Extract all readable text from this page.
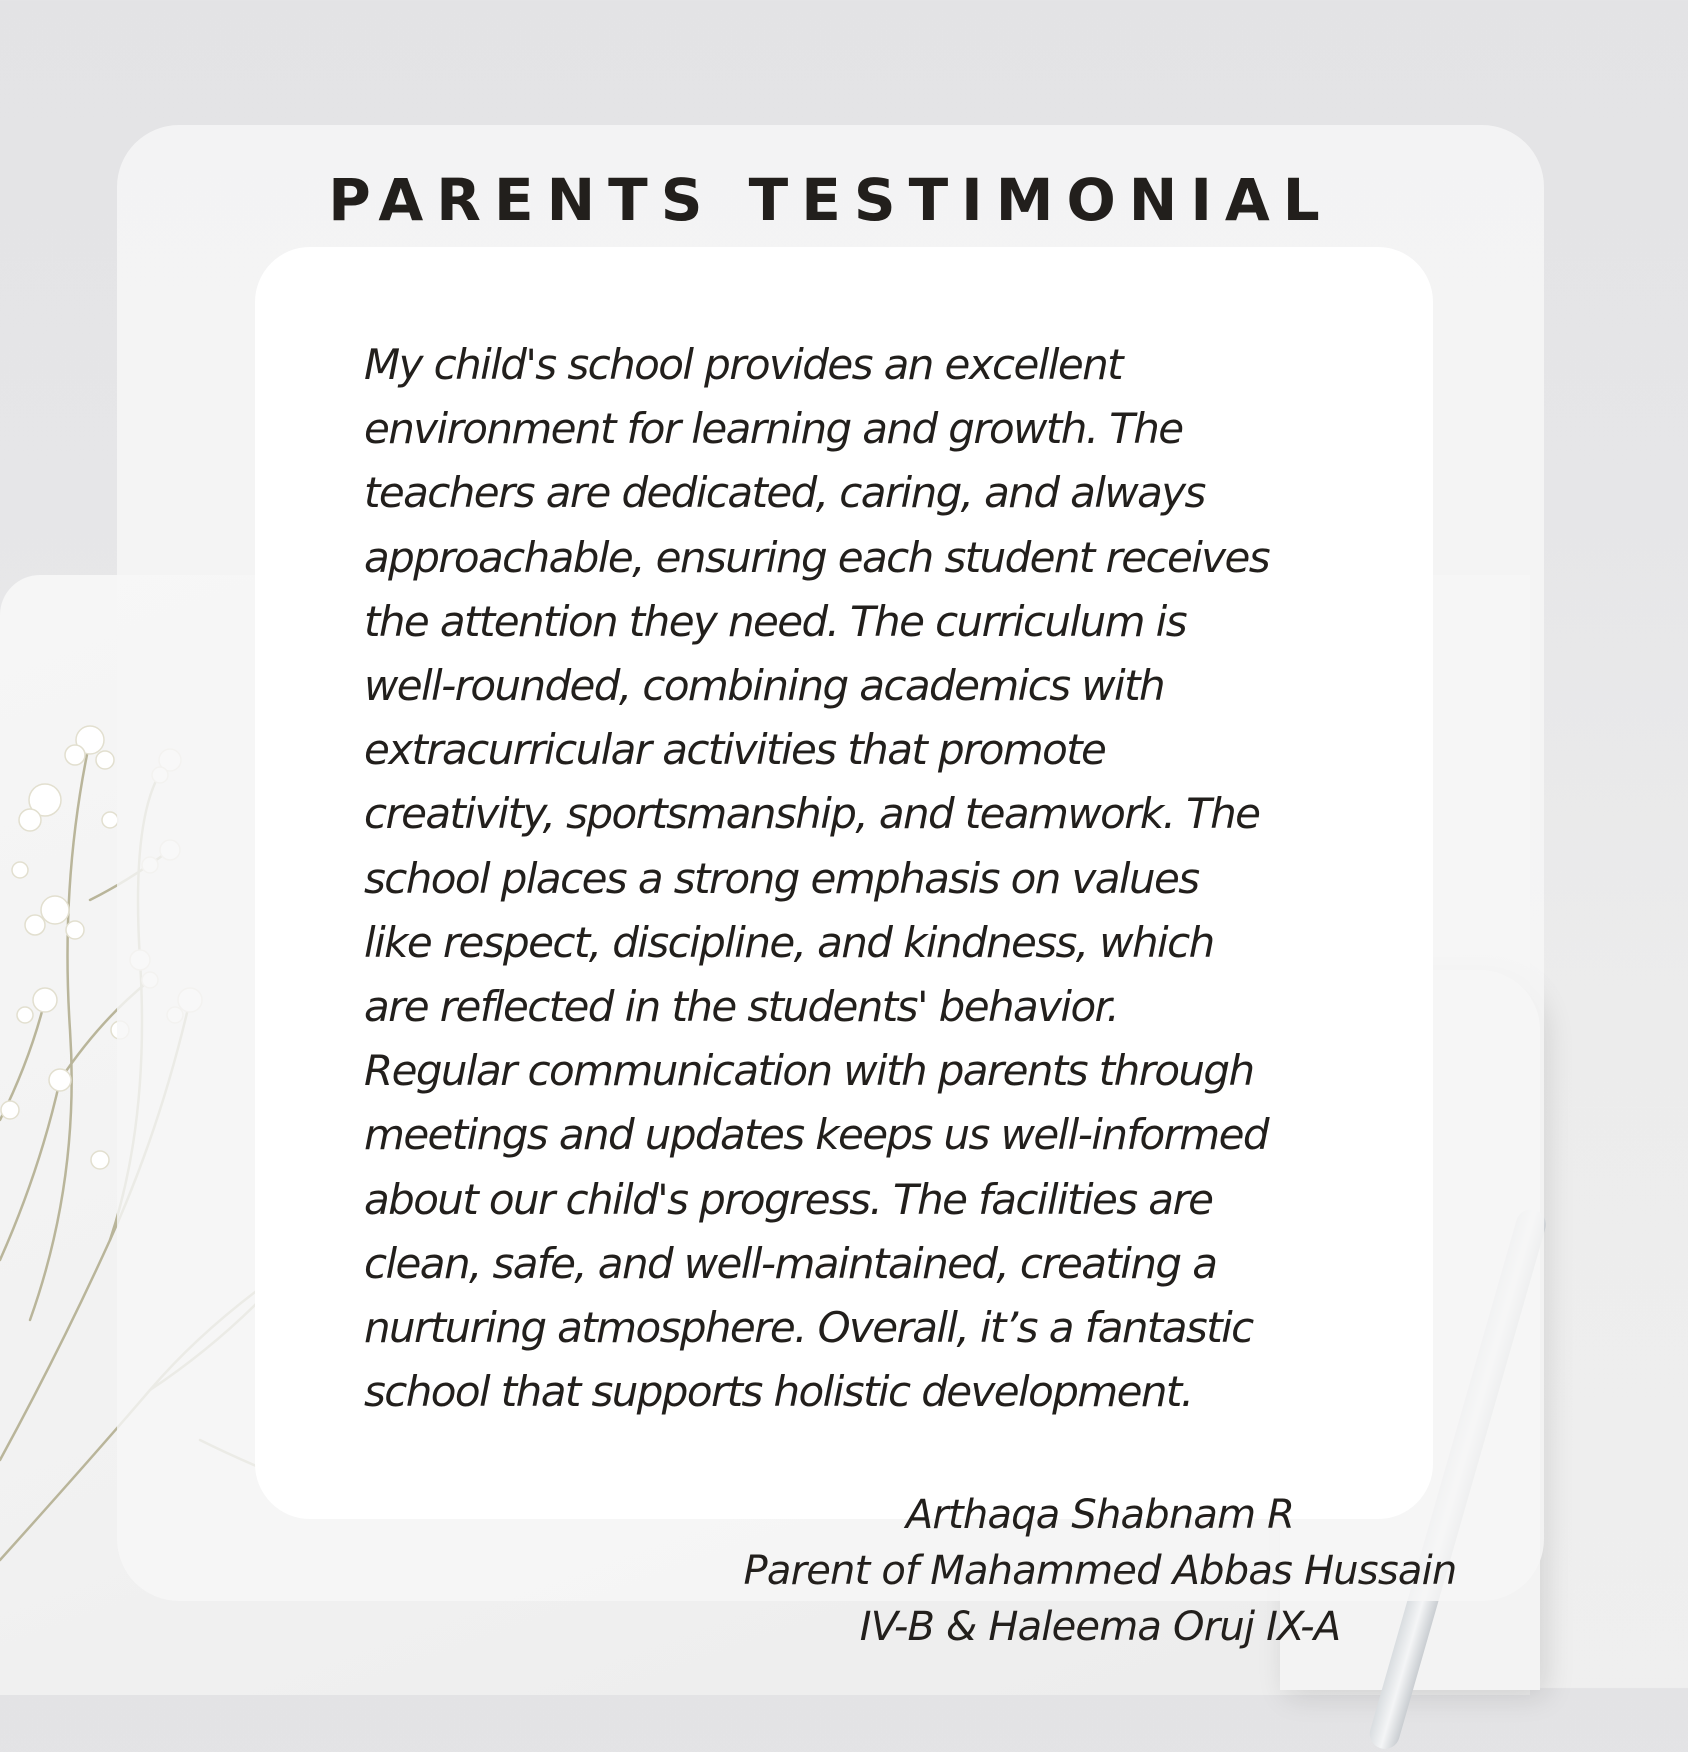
PARENTS TESTIMONIAL

My child's school provides an excellent
environment for learning and growth. The
teachers are dedicated, caring, and always
approachable, ensuring each student receives
the attention they need. The curriculum is
well-rounded, combining academics with
extracurricular activities that promote
creativity, sportsmanship, and teamwork. The
school places a strong emphasis on values
like respect, discipline, and kindness, which
are reflected in the students' behavior.
Regular communication with parents through
meetings and updates keeps us well-informed
about our child's progress. The facilities are
clean, safe, and well-maintained, creating a
nurturing atmosphere. Overall, it’s a fantastic
school that supports holistic development.

Arthaqa Shabnam R
Parent of Mahammed Abbas Hussain
IV-B & Haleema Oruj IX-A
